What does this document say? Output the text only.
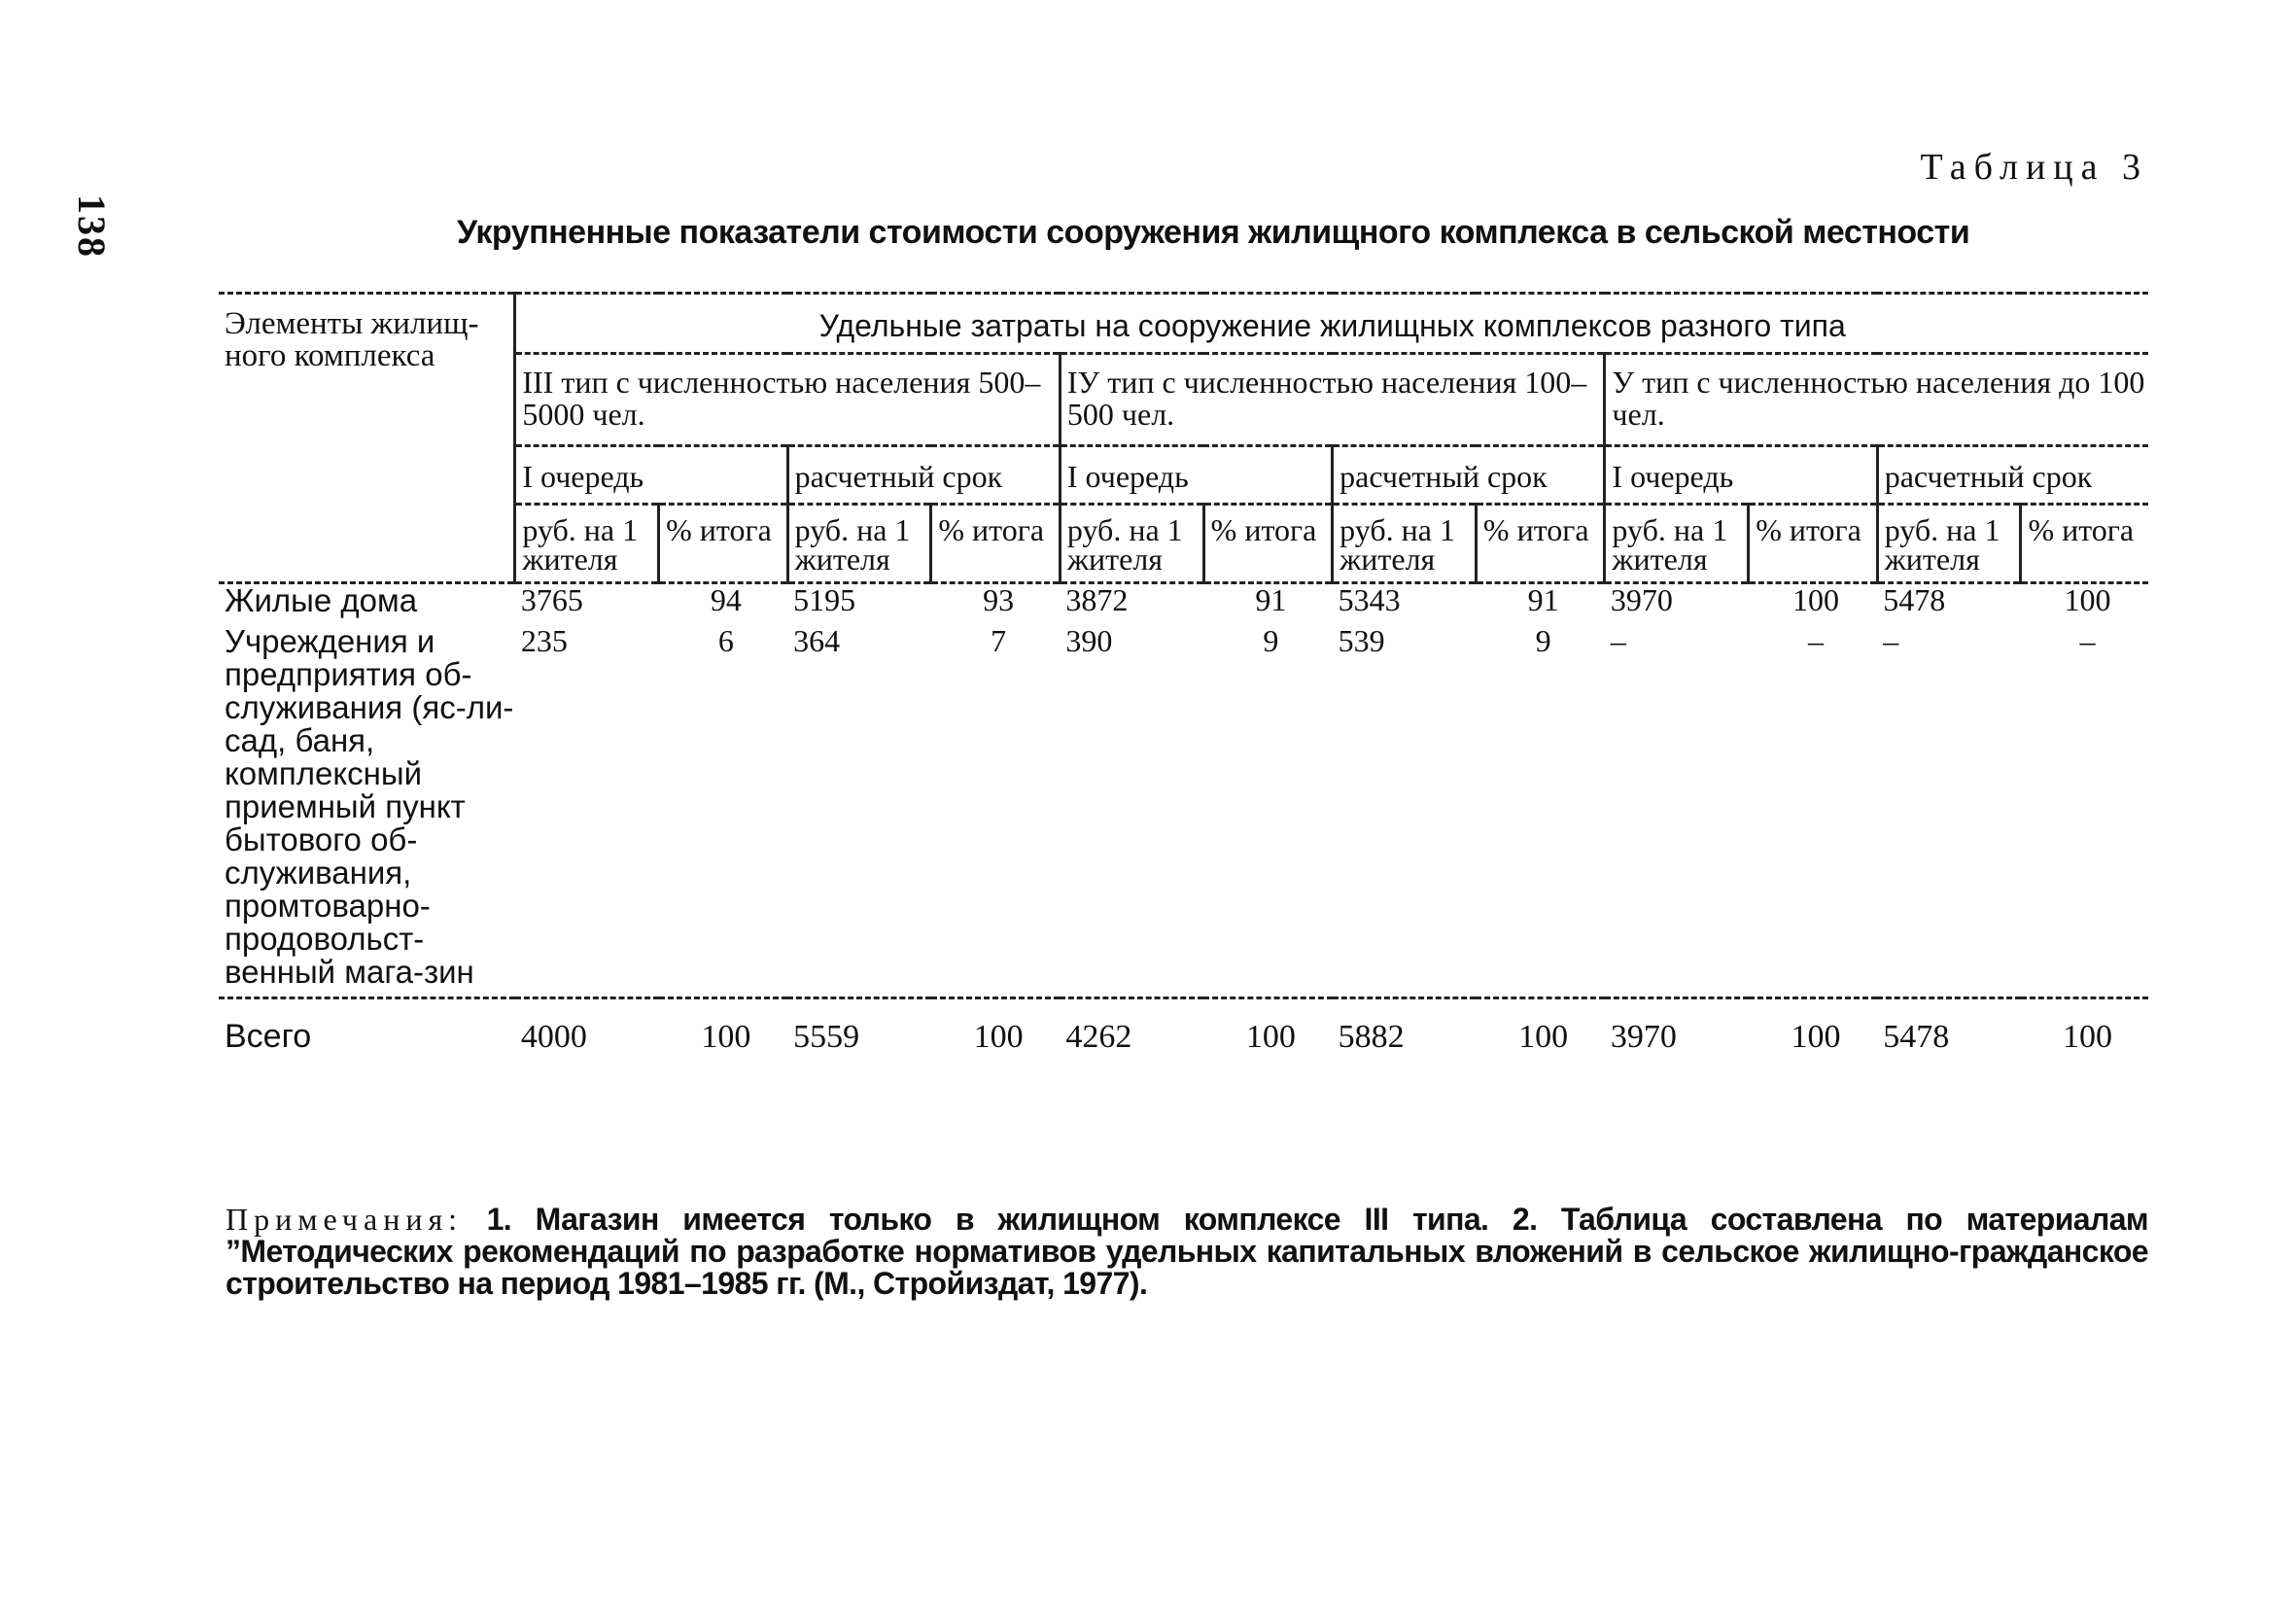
138
Таблица 3
Укрупненные показатели стоимости сооружения жилищного комплекса в сельской местности
Элементы жилищ-ного комплекса	Удельные затраты на сооружение жилищных комплексов разного типа											
	III тип с численностью населения 500–5000 чел.				IУ тип с численностью населения 100–500 чел.				У тип с численностью населения до 100 чел.			
	I очередь		расчетный срок		I очередь		расчетный срок		I очередь		расчетный срок	
	руб. на 1 жителя	% итога	руб. на 1 жителя	% итога	руб. на 1 жителя	% итога	руб. на 1 жителя	% итога	руб. на 1 жителя	% итога	руб. на 1 жителя	% итога
Жилые дома	3765	94	5195	93	3872	91	5343	91	3970	100	5478	100
Учреждения и предприятия об-служивания (яс-ли-сад, баня, комплексный приемный пункт бытового об-служивания, промтоварно-продовольст-венный мага-зин	235	6	364	7	390	9	539	9	–	–	–	–
Всего	4000	100	5559	100	4262	100	5882	100	3970	100	5478	100
Примечания: 1. Магазин имеется только в жилищном комплексе III типа. 2. Таблица составлена по материалам ”Методических рекомендаций по разработке нормативов удельных капитальных вложений в сельское жилищно-гражданское строительство на период 1981–1985 гг. (М., Стройиздат, 1977).
